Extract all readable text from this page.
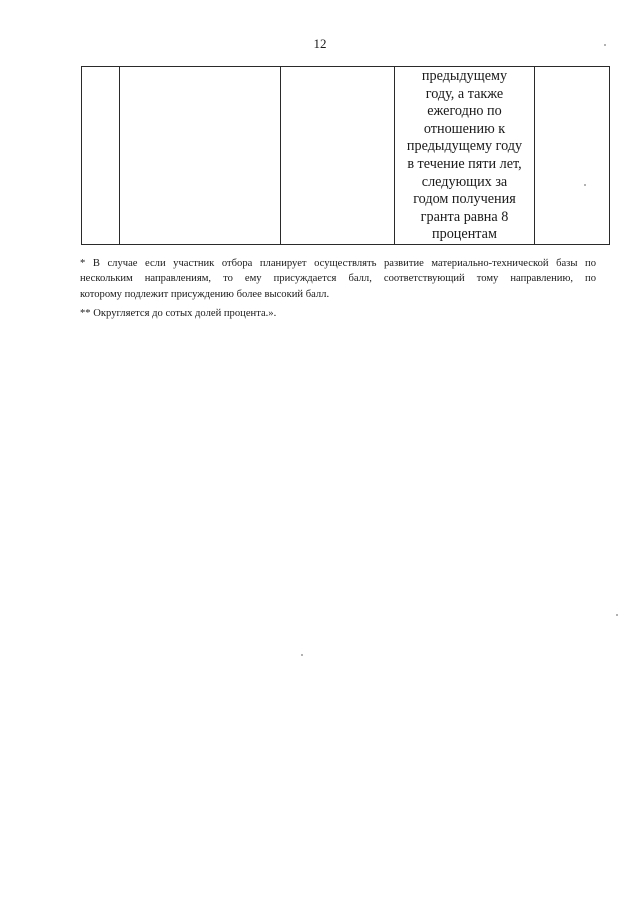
12

предыдущему
году, а также
ежегодно по
отношению к
предыдущему году
в течение пяти лет,
следующих за
годом получения
гранта равна 8
процентам

* В случае если участник отбора планирует осуществлять развитие материально-технической базы по
нескольким направлениям, то ему присуждается балл, соответствующий тому направлению, по
которому подлежит присуждению более высокий балл.

** Округляется до сотых долей процента.».
